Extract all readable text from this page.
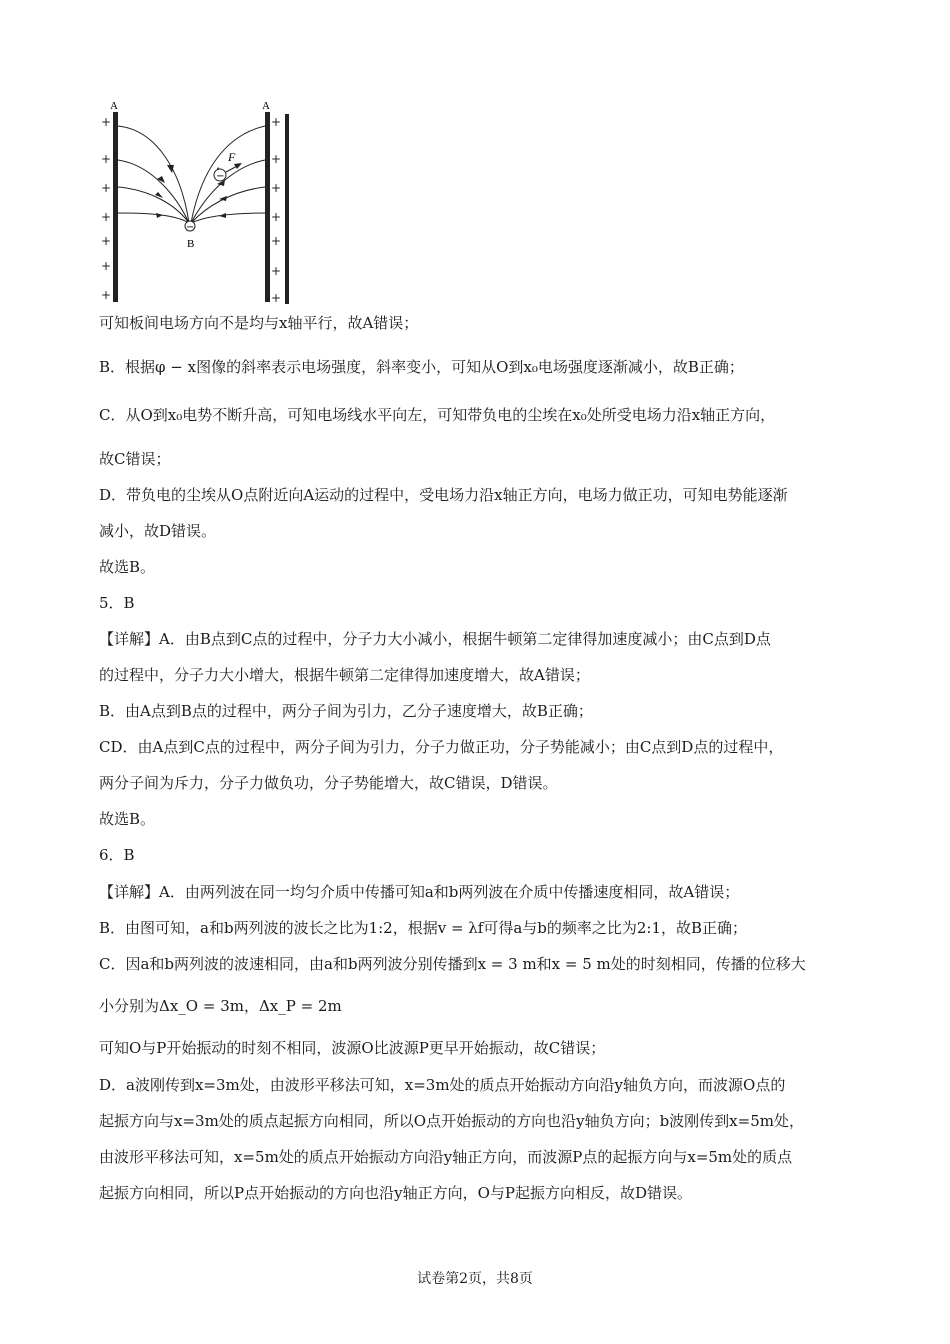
A	A
B
F
+
+
+
+
+
+
+
+
+
+
+
+
+
+
−
−
可知板间电场方向不是均与x轴平行，故A错误；
B．根据φ − x图像的斜率表示电场强度，斜率变小，可知从O到x₀电场强度逐渐减小，故B正确；
C．从O到x₀电势不断升高，可知电场线水平向左，可知带负电的尘埃在x₀处所受电场力沿x轴正方向，
故C错误；
D．带负电的尘埃从O点附近向A运动的过程中，受电场力沿x轴正方向，电场力做正功，可知电势能逐渐
减小，故D错误。
故选B。
5．B
【详解】A．由B点到C点的过程中，分子力大小减小，根据牛顿第二定律得加速度减小；由C点到D点
的过程中，分子力大小增大，根据牛顿第二定律得加速度增大，故A错误；
B．由A点到B点的过程中，两分子间为引力，乙分子速度增大，故B正确；
CD．由A点到C点的过程中，两分子间为引力，分子力做正功，分子势能减小；由C点到D点的过程中，
两分子间为斥力，分子力做负功，分子势能增大，故C错误，D错误。
故选B。
6．B
【详解】A．由两列波在同一均匀介质中传播可知a和b两列波在介质中传播速度相同，故A错误；
B．由图可知，a和b两列波的波长之比为1:2，根据v = λf可得a与b的频率之比为2:1，故B正确；
C．因a和b两列波的波速相同，由a和b两列波分别传播到x = 3 m和x = 5 m处的时刻相同，传播的位移大
小分别为Δx_O = 3m，Δx_P = 2m
可知O与P开始振动的时刻不相同，波源O比波源P更早开始振动，故C错误；
D．a波刚传到x=3m处，由波形平移法可知，x=3m处的质点开始振动方向沿y轴负方向，而波源O点的
起振方向与x=3m处的质点起振方向相同，所以O点开始振动的方向也沿y轴负方向；b波刚传到x=5m处，
由波形平移法可知，x=5m处的质点开始振动方向沿y轴正方向，而波源P点的起振方向与x=5m处的质点
起振方向相同，所以P点开始振动的方向也沿y轴正方向，O与P起振方向相反，故D错误。
试卷第2页，共8页
